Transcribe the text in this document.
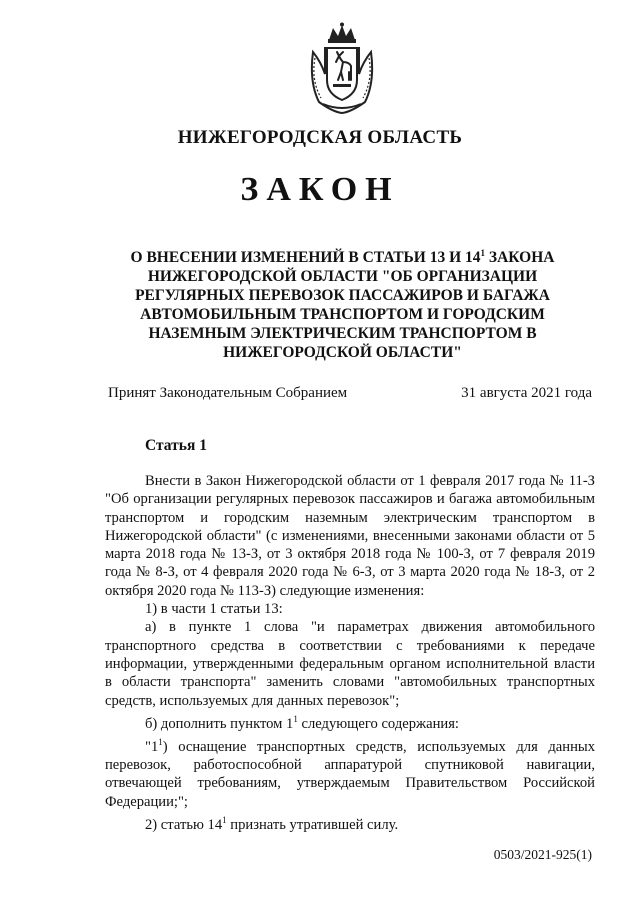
НИЖЕГОРОДСКАЯ ОБЛАСТЬ
ЗАКОН
О ВНЕСЕНИИ ИЗМЕНЕНИЙ В СТАТЬИ 13 И $14^1$ ЗАКОНА НИЖЕГОРОДСКОЙ ОБЛАСТИ "ОБ ОРГАНИЗАЦИИ РЕГУЛЯРНЫХ ПЕРЕВОЗОК ПАССАЖИРОВ И БАГАЖА АВТОМОБИЛЬНЫМ ТРАНСПОРТОМ И ГОРОДСКИМ НАЗЕМНЫМ ЭЛЕКТРИЧЕСКИМ ТРАНСПОРТОМ В НИЖЕГОРОДСКОЙ ОБЛАСТИ"
Принят Законодательным Собранием	31 августа 2021 года
Статья 1

Внести в Закон Нижегородской области от 1 февраля 2017 года № 11-З "Об организации регулярных перевозок пассажиров и багажа автомобильным транспортом и городским наземным электрическим транспортом в Нижегородской области" (с изменениями, внесенными законами области от 5 марта 2018 года № 13-З, от 3 октября 2018 года № 100-З, от 7 февраля 2019 года № 8-З, от 4 февраля 2020 года № 6-З, от 3 марта 2020 года № 18-З, от 2 октября 2020 года № 113-З) следующие изменения:

1) в части 1 статьи 13:

а) в пункте 1 слова "и параметрах движения автомобильного транспортного средства в соответствии с требованиями к передаче информации, утвержденными федеральным органом исполнительной власти в области транспорта" заменить словами "автомобильных транспортных средств, используемых для данных перевозок";

б) дополнить пунктом $1^1$ следующего содержания:

"$1^1$) оснащение транспортных средств, используемых для данных перевозок, работоспособной аппаратурой спутниковой навигации, отвечающей требованиям, утверждаемым Правительством Российской Федерации;";

2) статью $14^1$ признать утратившей силу.

0503/2021-925(1)
